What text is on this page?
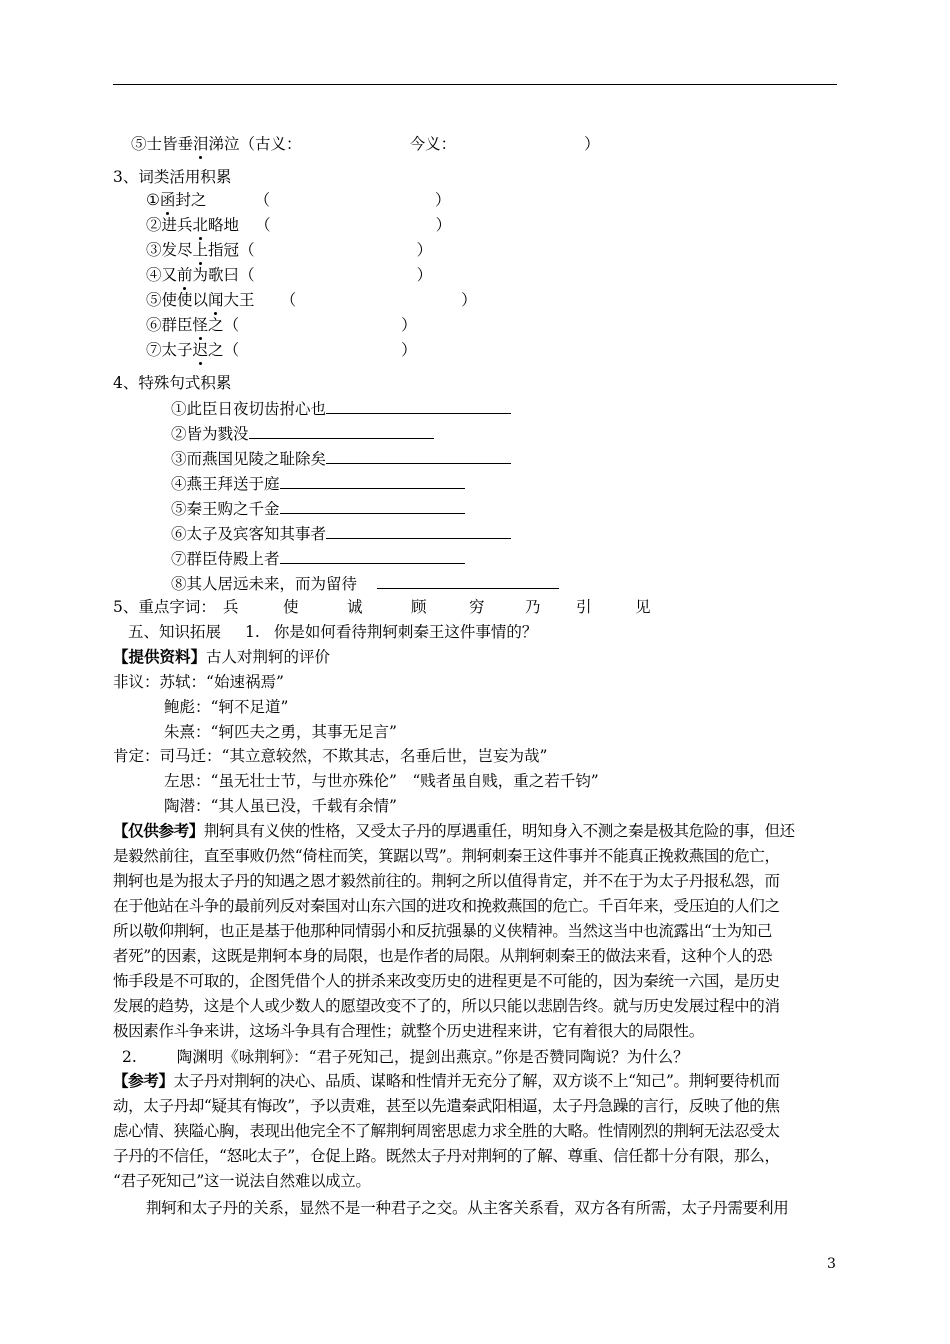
⑤士皆垂泪涕泣（古义：	今义：	）
3、词类活用积累
①函封之	（	）
②进兵北略地 （	）
③发尽上指冠（	）
④又前为歌曰（	）
⑤使使以闻大王 （	）
⑥群臣怪之（	）
⑦太子迟之（	）
4、特殊句式积累
①此臣日夜切齿拊心也
②皆为戮没
③而燕国见陵之耻除矣
④燕王拜送于庭
⑤秦王购之千金
⑥太子及宾客知其事者
⑦群臣侍殿上者
⑧其人居远未来，而为留待
5、重点字词： 兵	使	诚	顾	穷	乃 引	见
五、知识拓展 1. 你是如何看待荆轲刺秦王这件事情的？
【提供资料】古人对荆轲的评价
非议：苏轼：“始速祸焉”
鲍彪：“轲不足道”
朱熹：“轲匹夫之勇，其事无足言”
肯定：司马迁：“其立意较然，不欺其志，名垂后世，岂妄为哉”
左思：“虽无壮士节，与世亦殊伦”　“贱者虽自贱，重之若千钧”
陶潜：“其人虽已没，千载有余情”
【仅供参考】荆轲具有义侠的性格，又受太子丹的厚遇重任，明知身入不测之秦是极其危险的事，但还
是毅然前往，直至事败仍然“倚柱而笑，箕踞以骂”。荆轲刺秦王这件事并不能真正挽救燕国的危亡，
荆轲也是为报太子丹的知遇之恩才毅然前往的。荆轲之所以值得肯定，并不在于为太子丹报私怨，而
在于他站在斗争的最前列反对秦国对山东六国的进攻和挽救燕国的危亡。千百年来，受压迫的人们之
所以敬仰荆轲，也正是基于他那种同情弱小和反抗强暴的义侠精神。当然这当中也流露出“士为知己
者死”的因素，这既是荆轲本身的局限，也是作者的局限。从荆轲刺秦王的做法来看，这种个人的恐
怖手段是不可取的，企图凭借个人的拼杀来改变历史的进程更是不可能的，因为秦统一六国，是历史
发展的趋势，这是个人或少数人的愿望改变不了的，所以只能以悲剧告终。就与历史发展过程中的消
极因素作斗争来讲，这场斗争具有合理性；就整个历史进程来讲，它有着很大的局限性。
2.	陶渊明《咏荆轲》：“君子死知己，提剑出燕京。”你是否赞同陶说？为什么？
【参考】太子丹对荆轲的决心、品质、谋略和性情并无充分了解，双方谈不上“知己”。荆轲要待机而
动，太子丹却“疑其有悔改”，予以责难，甚至以先遣秦武阳相逼，太子丹急躁的言行，反映了他的焦
虑心情、狭隘心胸，表现出他完全不了解荆轲周密思虑力求全胜的大略。性情刚烈的荆轲无法忍受太
子丹的不信任，“怒叱太子”，仓促上路。既然太子丹对荆轲的了解、尊重、信任都十分有限，那么，
“君子死知己”这一说法自然难以成立。
荆轲和太子丹的关系，显然不是一种君子之交。从主客关系看，双方各有所需，太子丹需要利用
3
